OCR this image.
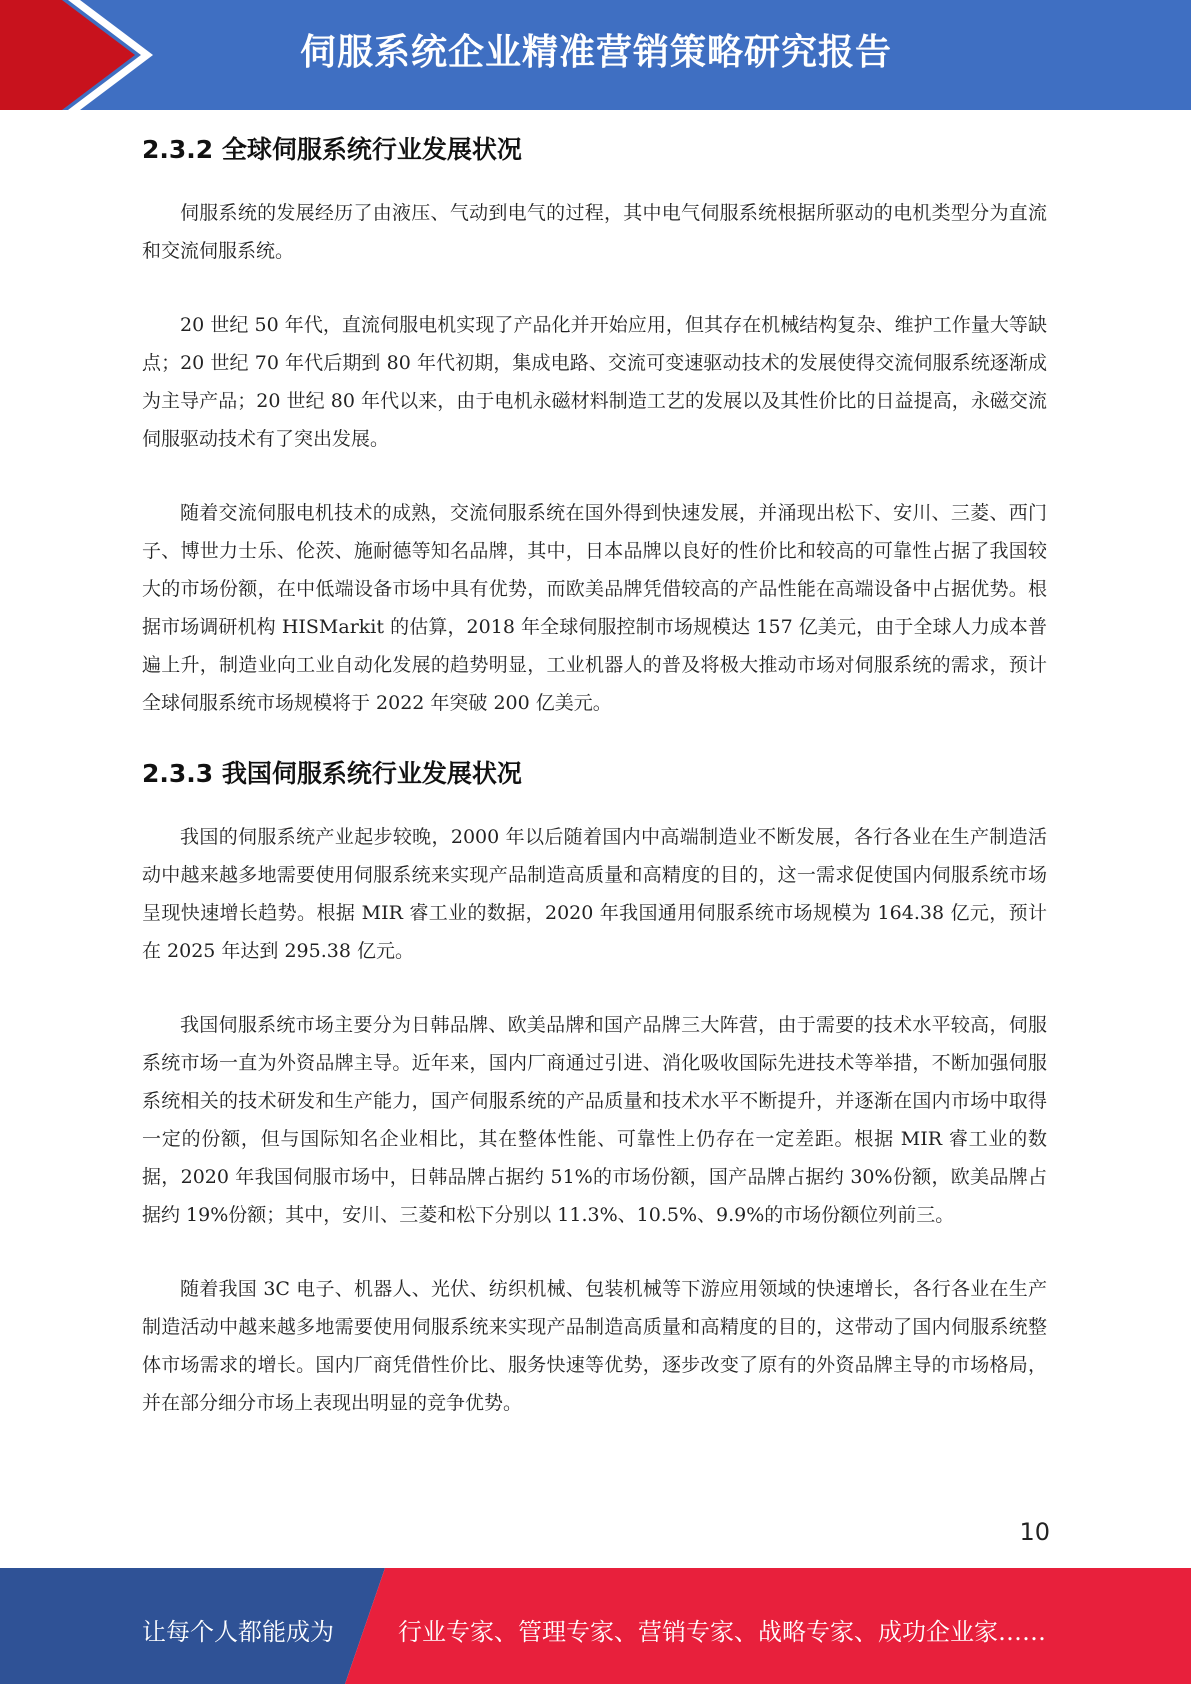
伺服系统企业精准营销策略研究报告
2.3.2 全球伺服系统行业发展状况

伺服系统的发展经历了由液压、气动到电气的过程，其中电气伺服系统根据所驱动的电机类型分为直流和交流伺服系统。

20 世纪 50 年代，直流伺服电机实现了产品化并开始应用，但其存在机械结构复杂、维护工作量大等缺点；20 世纪 70 年代后期到 80 年代初期，集成电路、交流可变速驱动技术的发展使得交流伺服系统逐渐成为主导产品；20 世纪 80 年代以来，由于电机永磁材料制造工艺的发展以及其性价比的日益提高，永磁交流伺服驱动技术有了突出发展。

随着交流伺服电机技术的成熟，交流伺服系统在国外得到快速发展，并涌现出松下、安川、三菱、西门子、博世力士乐、伦茨、施耐德等知名品牌，其中，日本品牌以良好的性价比和较高的可靠性占据了我国较大的市场份额，在中低端设备市场中具有优势，而欧美品牌凭借较高的产品性能在高端设备中占据优势。根据市场调研机构 HISMarkit 的估算，2018 年全球伺服控制市场规模达 157 亿美元，由于全球人力成本普遍上升，制造业向工业自动化发展的趋势明显，工业机器人的普及将极大推动市场对伺服系统的需求，预计全球伺服系统市场规模将于 2022 年突破 200 亿美元。

2.3.3 我国伺服系统行业发展状况

我国的伺服系统产业起步较晚，2000 年以后随着国内中高端制造业不断发展，各行各业在生产制造活动中越来越多地需要使用伺服系统来实现产品制造高质量和高精度的目的，这一需求促使国内伺服系统市场呈现快速增长趋势。根据 MIR 睿工业的数据，2020 年我国通用伺服系统市场规模为 164.38 亿元，预计在 2025 年达到 295.38 亿元。

我国伺服系统市场主要分为日韩品牌、欧美品牌和国产品牌三大阵营，由于需要的技术水平较高，伺服系统市场一直为外资品牌主导。近年来，国内厂商通过引进、消化吸收国际先进技术等举措，不断加强伺服系统相关的技术研发和生产能力，国产伺服系统的产品质量和技术水平不断提升，并逐渐在国内市场中取得一定的份额，但与国际知名企业相比，其在整体性能、可靠性上仍存在一定差距。根据 MIR 睿工业的数据，2020 年我国伺服市场中，日韩品牌占据约 51%的市场份额，国产品牌占据约 30%份额，欧美品牌占据约 19%份额；其中，安川、三菱和松下分别以 11.3%、10.5%、9.9%的市场份额位列前三。

随着我国 3C 电子、机器人、光伏、纺织机械、包装机械等下游应用领域的快速增长，各行各业在生产制造活动中越来越多地需要使用伺服系统来实现产品制造高质量和高精度的目的，这带动了国内伺服系统整体市场需求的增长。国内厂商凭借性价比、服务快速等优势，逐步改变了原有的外资品牌主导的市场格局，并在部分细分市场上表现出明显的竞争优势。

10
让每个人都能成为	行业专家、管理专家、营销专家、战略专家、成功企业家……
